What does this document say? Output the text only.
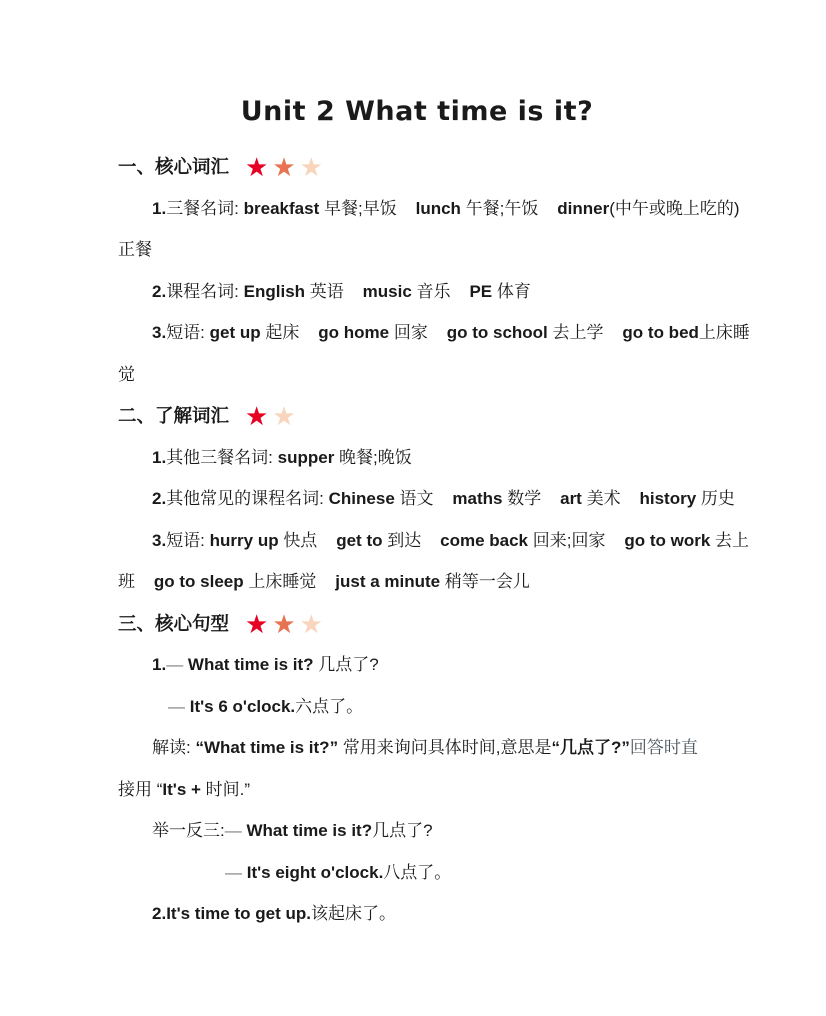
Unit 2 What time is it?
一、核心词汇 ★★★
1.三餐名词: breakfast 早餐;早饭    lunch 午餐;午饭    dinner(中午或晚上吃的)
正餐
2.课程名词: English 英语    music 音乐    PE 体育
3.短语: get up 起床    go home 回家    go to school 去上学    go to bed上床睡
觉
二、了解词汇 ★★
1.其他三餐名词: supper 晚餐;晚饭
2.其他常见的课程名词: Chinese 语文    maths 数学    art 美术    history 历史
3.短语: hurry up 快点    get to 到达    come back 回来;回家    go to work 去上
班    go to sleep 上床睡觉    just a minute 稍等一会儿
三、核心句型 ★★★
1.— What time is it? 几点了?
— It's 6 o'clock.六点了。
解读: “What time is it?” 常用来询问具体时间,意思是“几点了?”回答时直
接用 “It's + 时间.”
举一反三:— What time is it?几点了?
— It's eight o'clock.八点了。
2.It's time to get up.该起床了。
